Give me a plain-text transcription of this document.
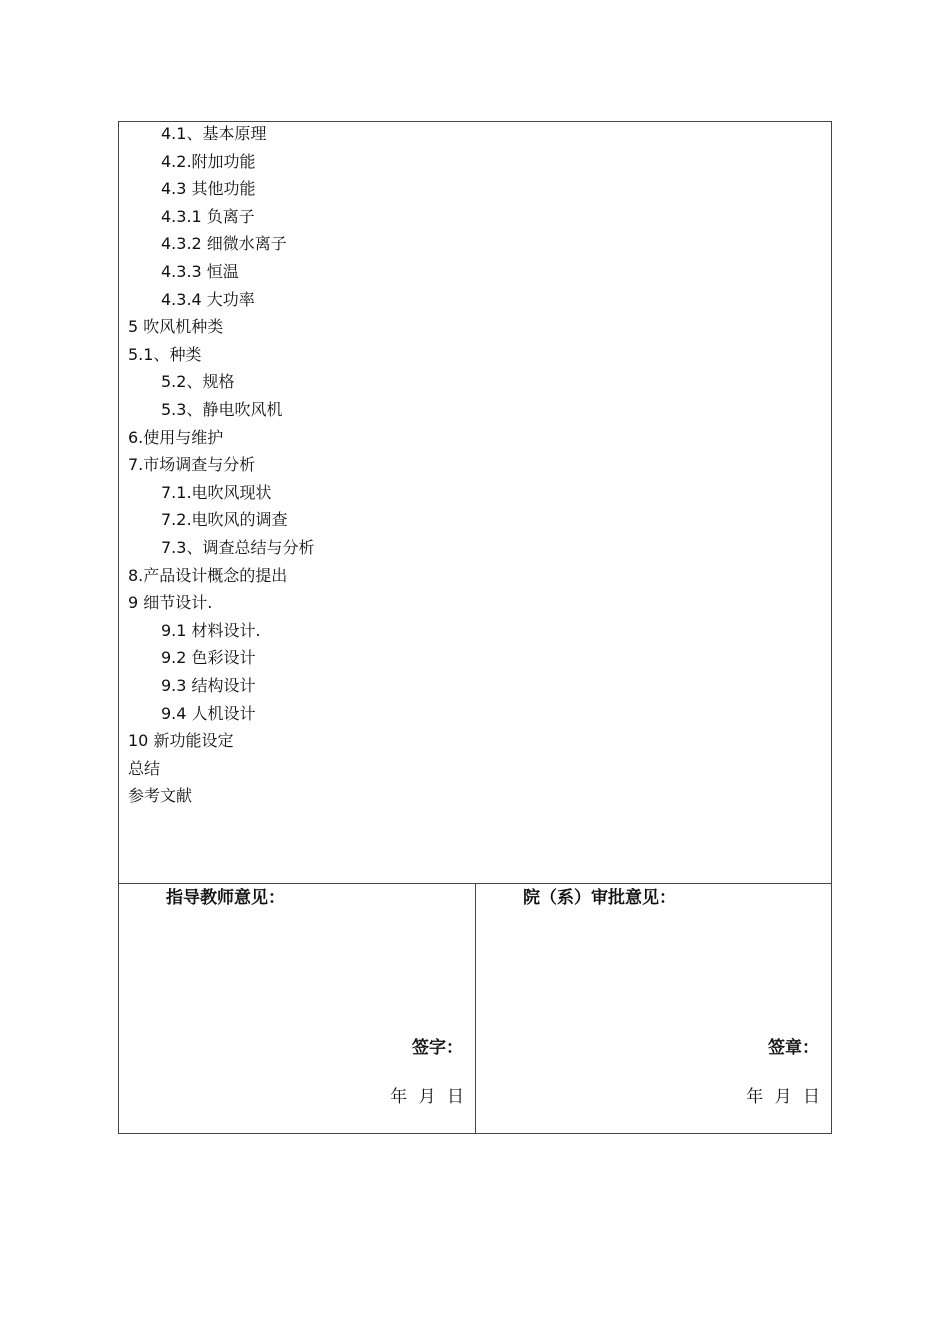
4.1、基本原理
4.2.附加功能
4.3 其他功能
4.3.1 负离子
4.3.2 细微水离子
4.3.3 恒温
4.3.4 大功率
5 吹风机种类
5.1、种类
5.2、规格
5.3、静电吹风机
6.使用与维护
7.市场调查与分析
7.1.电吹风现状
7.2.电吹风的调查
7.3、调查总结与分析
8.产品设计概念的提出
9 细节设计.
9.1 材料设计.
9.2 色彩设计
9.3 结构设计
9.4 人机设计
10 新功能设定
总结
参考文献
指导教师意见：
签字：
年 月 日
院（系）审批意见：
签章：
年 月 日
